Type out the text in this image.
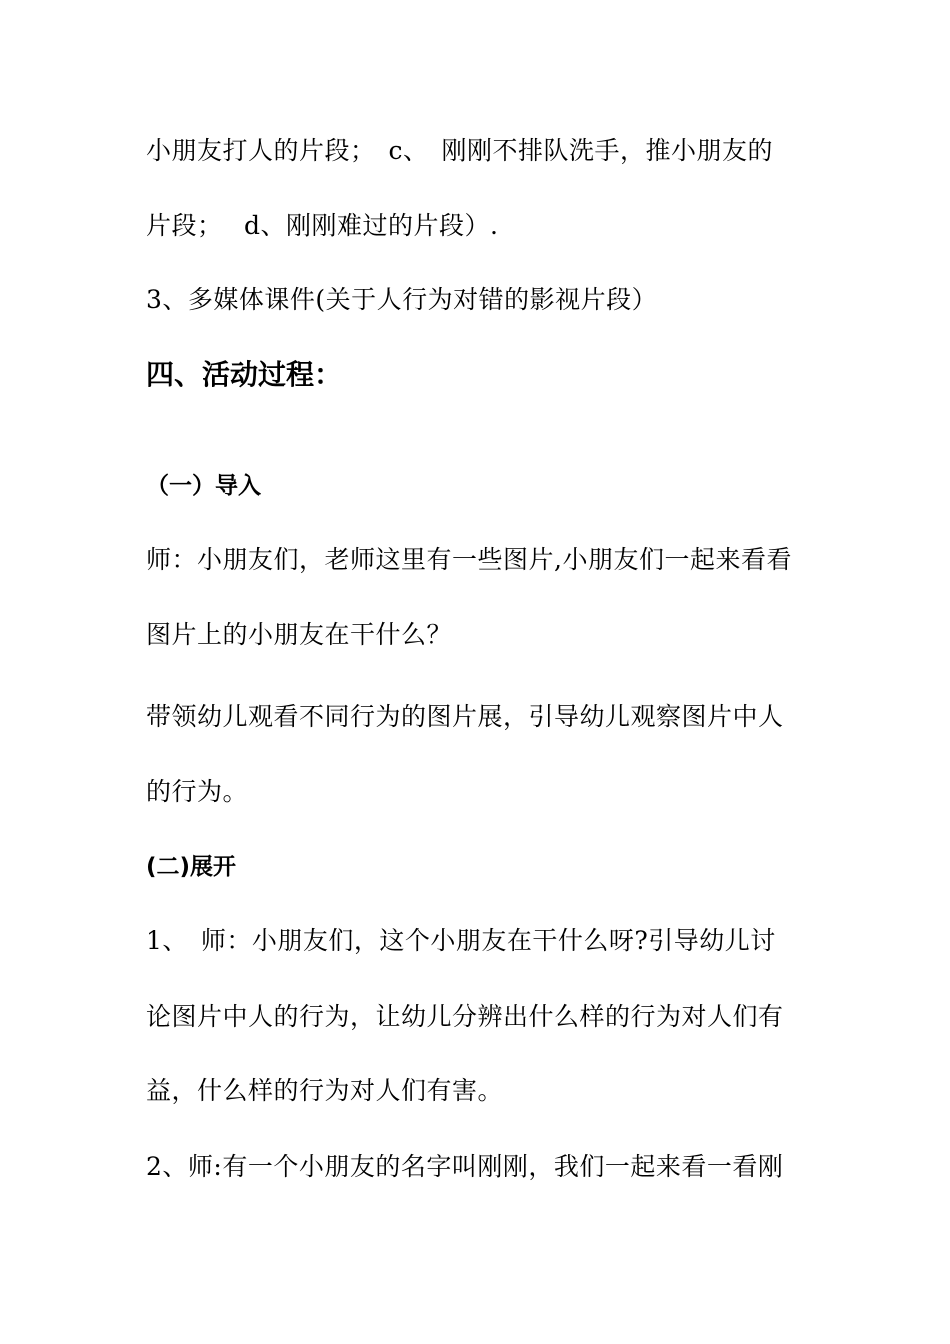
小朋友打人的片段；　c、　刚刚不排队洗手，推小朋友的
片段；　 d、刚刚难过的片段）.
3、多媒体课件(关于人行为对错的影视片段）
四、活动过程：
（一）导入
师：小朋友们，老师这里有一些图片,小朋友们一起来看看
图片上的小朋友在干什么？
带领幼儿观看不同行为的图片展，引导幼儿观察图片中人
的行为。
(二)展开
1、　师：小朋友们，这个小朋友在干什么呀?引导幼儿讨
论图片中人的行为，让幼儿分辨出什么样的行为对人们有
益，什么样的行为对人们有害。
2、师:有一个小朋友的名字叫刚刚，我们一起来看一看刚
